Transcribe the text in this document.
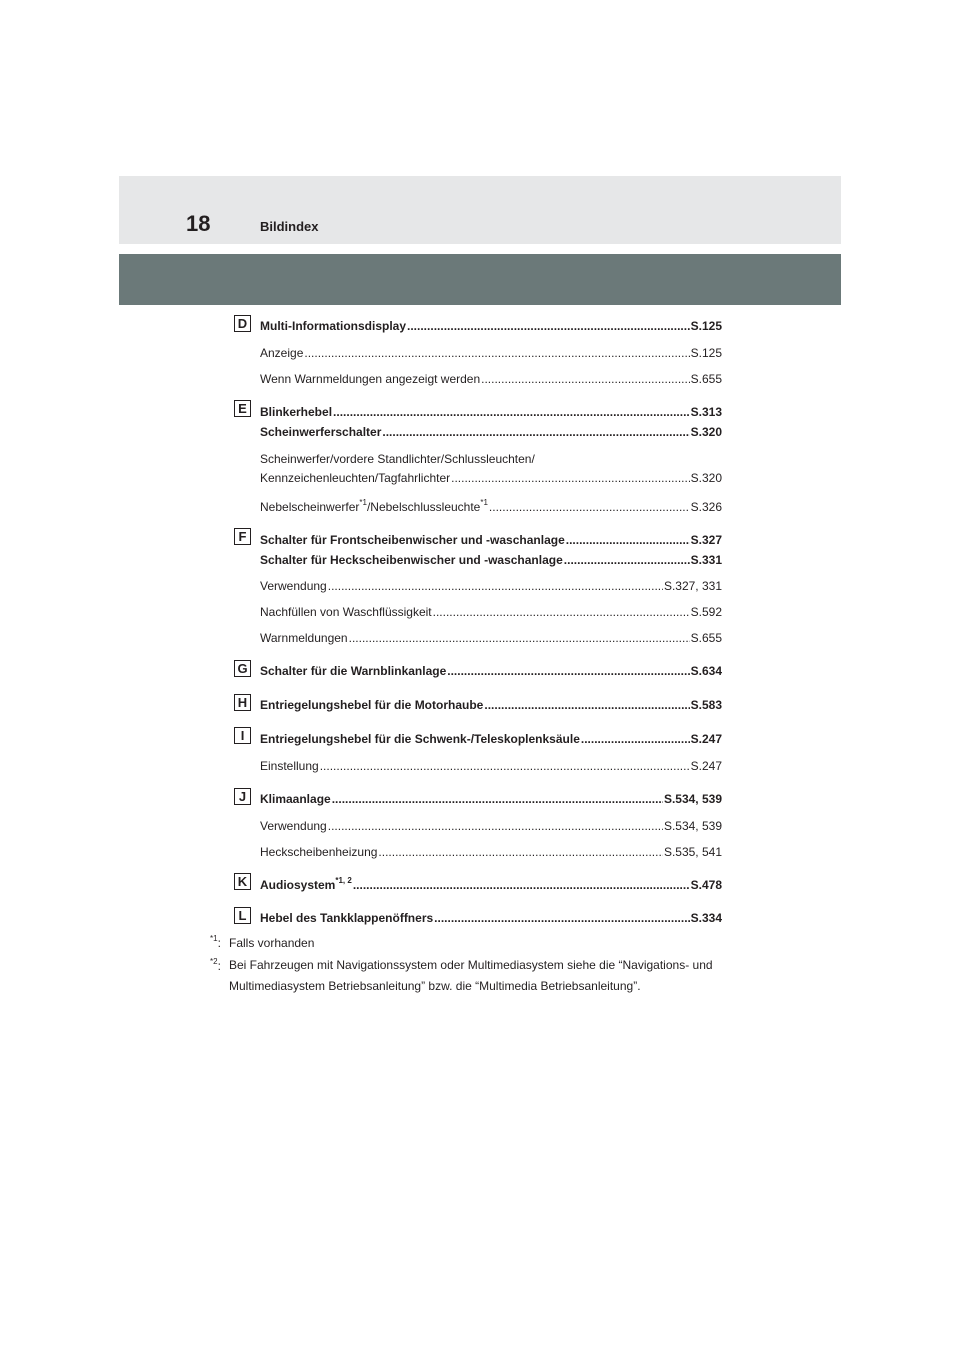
18	Bildindex
D	Multi-Informationsdisplay .....	S.125
Anzeige .....	S.125
Wenn Warnmeldungen angezeigt werden .....	S.655
E	Blinkerhebel .....	S.313
Scheinwerferschalter .....	S.320
Scheinwerfer/vordere Standlichter/Schlussleuchten/
Kennzeichenleuchten/Tagfahrlichter .....	S.320
Nebelscheinwerfer$^{*1}$/Nebelschlussleuchte$^{*1}$ .....	S.326
F	Schalter für Frontscheibenwischer und -waschanlage .....	S.327
Schalter für Heckscheibenwischer und -waschanlage .....	S.331
Verwendung .....	S.327, 331
Nachfüllen von Waschflüssigkeit .....	S.592
Warnmeldungen .....	S.655
G Schalter für die Warnblinkanlage .....	S.634
H	Entriegelungshebel für die Motorhaube .....	S.583
I	Entriegelungshebel für die Schwenk-/Teleskoplenksäule .....	S.247
Einstellung .....	S.247
J	Klimaanlage .....	S.534, 539
Verwendung .....	S.534, 539
Heckscheibenheizung .....	S.535, 541
K	Audiosystem$^{*1, 2}$ .....	S.478
L	Hebel des Tankklappenöffners .....	S.334
$^{*1}$: Falls vorhanden
$^{*2}$: Bei Fahrzeugen mit Navigationssystem oder Multimediasystem siehe die “Navigations- und Multimediasystem Betriebsanleitung” bzw. die “Multimedia Betriebsanleitung”.
